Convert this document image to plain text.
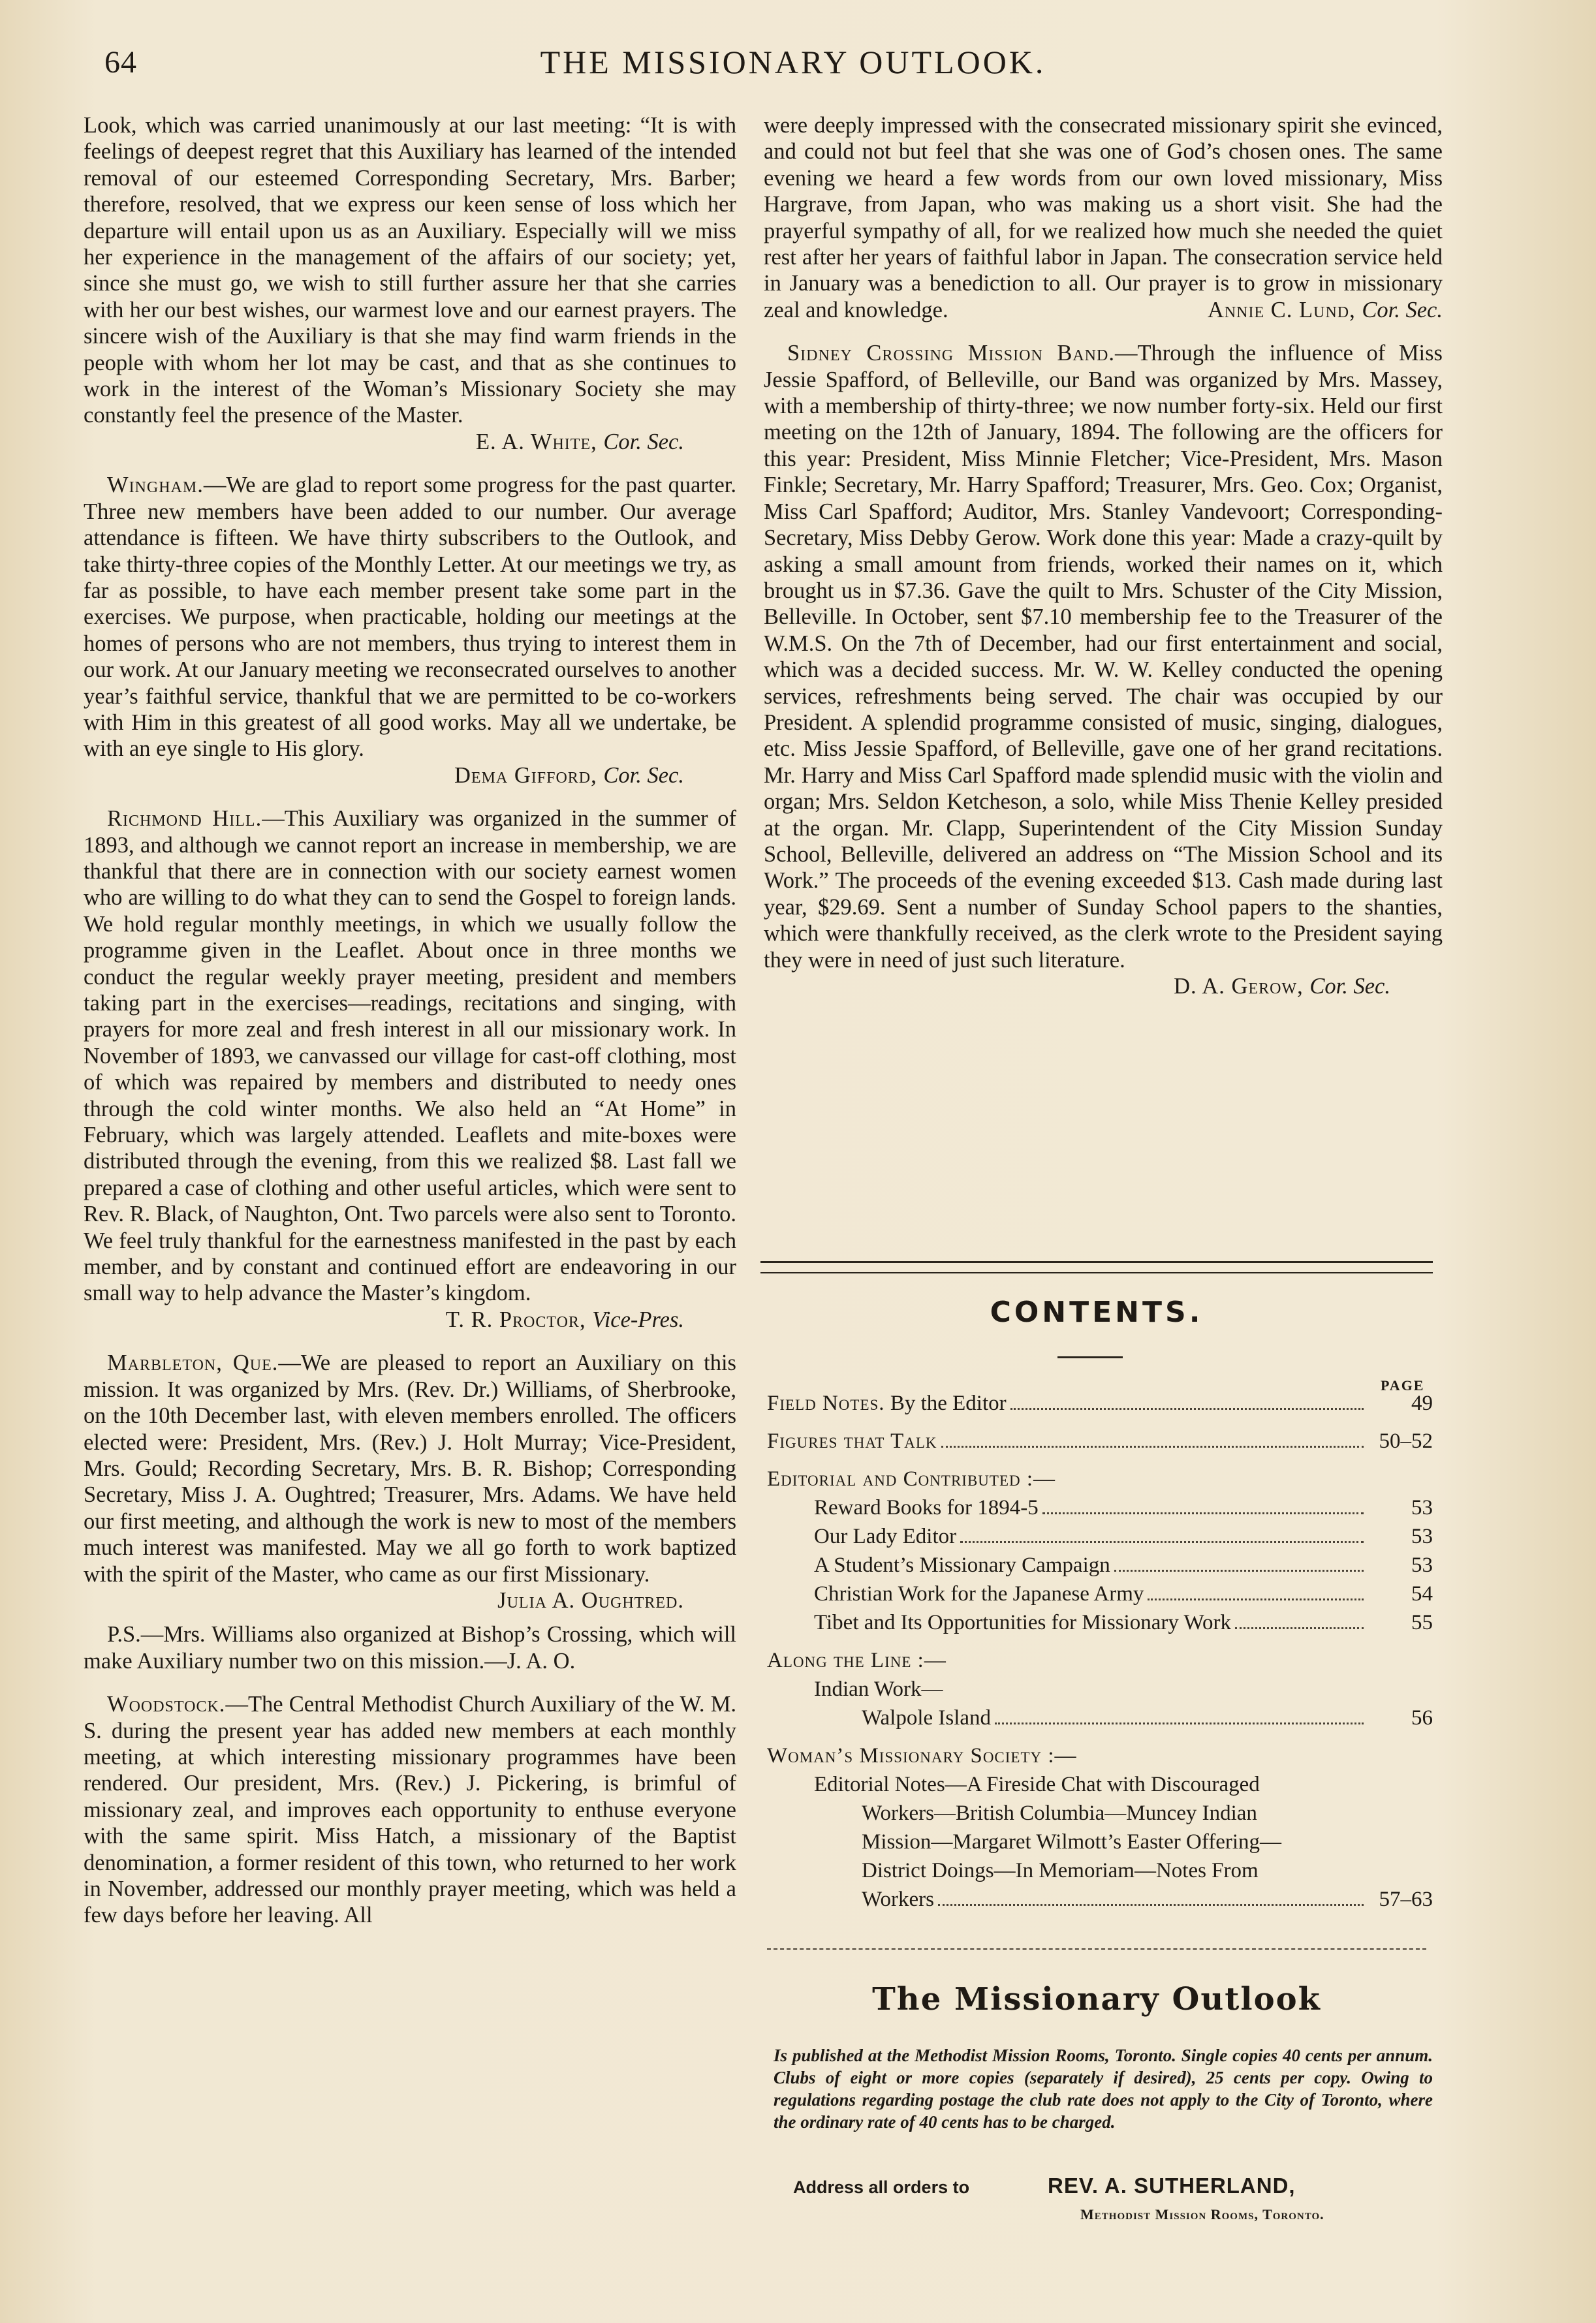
64	THE MISSIONARY OUTLOOK.

Look, which was carried unanimously at our last meeting: “It is with feelings of deepest regret that this Auxiliary has learned of the intended removal of our esteemed Corresponding Secretary, Mrs. Barber; therefore, resolved, that we express our keen sense of loss which her departure will entail upon us as an Auxiliary. Especially will we miss her experience in the management of the affairs of our society; yet, since she must go, we wish to still further assure her that she carries with her our best wishes, our warmest love and our earnest prayers. The sincere wish of the Auxiliary is that she may find warm friends in the people with whom her lot may be cast, and that as she continues to work in the interest of the Woman’s Missionary Society she may constantly feel the presence of the Master.

E. A. White, Cor. Sec.

Wingham.—We are glad to report some progress for the past quarter. Three new members have been added to our number. Our average attendance is fifteen. We have thirty subscribers to the Outlook, and take thirty-three copies of the Monthly Letter. At our meetings we try, as far as possible, to have each member present take some part in the exercises. We purpose, when practicable, holding our meetings at the homes of persons who are not members, thus trying to interest them in our work. At our January meeting we reconsecrated ourselves to another year’s faithful service, thankful that we are permitted to be co-workers with Him in this greatest of all good works. May all we undertake, be with an eye single to His glory.

Dema Gifford, Cor. Sec.

Richmond Hill.—This Auxiliary was organized in the summer of 1893, and although we cannot report an increase in membership, we are thankful that there are in connection with our society earnest women who are willing to do what they can to send the Gospel to foreign lands. We hold regular monthly meetings, in which we usually follow the programme given in the Leaflet. About once in three months we conduct the regular weekly prayer meeting, president and members taking part in the exercises—readings, recitations and singing, with prayers for more zeal and fresh interest in all our missionary work. In November of 1893, we canvassed our village for cast-off clothing, most of which was repaired by members and distributed to needy ones through the cold winter months. We also held an “At Home” in February, which was largely attended. Leaflets and mite-boxes were distributed through the evening, from this we realized $8. Last fall we prepared a case of clothing and other useful articles, which were sent to Rev. R. Black, of Naughton, Ont. Two parcels were also sent to Toronto. We feel truly thankful for the earnestness manifested in the past by each member, and by constant and continued effort are endeavoring in our small way to help advance the Master’s kingdom.

T. R. Proctor, Vice-Pres.

Marbleton, Que.—We are pleased to report an Auxiliary on this mission. It was organized by Mrs. (Rev. Dr.) Williams, of Sherbrooke, on the 10th December last, with eleven members enrolled. The officers elected were: President, Mrs. (Rev.) J. Holt Murray; Vice-President, Mrs. Gould; Recording Secretary, Mrs. B. R. Bishop; Corresponding Secretary, Miss J. A. Oughtred; Treasurer, Mrs. Adams. We have held our first meeting, and although the work is new to most of the members much interest was manifested. May we all go forth to work baptized with the spirit of the Master, who came as our first Missionary.

Julia A. Oughtred.

P.S.—Mrs. Williams also organized at Bishop’s Crossing, which will make Auxiliary number two on this mission.—J. A. O.

Woodstock.—The Central Methodist Church Auxiliary of the W. M. S. during the present year has added new members at each monthly meeting, at which interesting missionary programmes have been rendered. Our president, Mrs. (Rev.) J. Pickering, is brimful of missionary zeal, and improves each opportunity to enthuse everyone with the same spirit. Miss Hatch, a missionary of the Baptist denomination, a former resident of this town, who returned to her work in November, addressed our monthly prayer meeting, which was held a few days before her leaving. All

were deeply impressed with the consecrated missionary spirit she evinced, and could not but feel that she was one of God’s chosen ones. The same evening we heard a few words from our own loved missionary, Miss Hargrave, from Japan, who was making us a short visit. She had the prayerful sympathy of all, for we realized how much she needed the quiet rest after her years of faithful labor in Japan. The consecration service held in January was a benediction to all. Our prayer is to grow in missionary zeal and knowledge.	Annie C. Lund, Cor. Sec.

Sidney Crossing Mission Band.—Through the influence of Miss Jessie Spafford, of Belleville, our Band was organized by Mrs. Massey, with a membership of thirty-three; we now number forty-six. Held our first meeting on the 12th of January, 1894. The following are the officers for this year: President, Miss Minnie Fletcher; Vice-President, Mrs. Mason Finkle; Secretary, Mr. Harry Spafford; Treasurer, Mrs. Geo. Cox; Organist, Miss Carl Spafford; Auditor, Mrs. Stanley Vandevoort; Corresponding-Secretary, Miss Debby Gerow. Work done this year: Made a crazy-quilt by asking a small amount from friends, worked their names on it, which brought us in $7.36. Gave the quilt to Mrs. Schuster of the City Mission, Belleville. In October, sent $7.10 membership fee to the Treasurer of the W.M.S. On the 7th of December, had our first entertainment and social, which was a decided success. Mr. W. W. Kelley conducted the opening services, refreshments being served. The chair was occupied by our President. A splendid programme consisted of music, singing, dialogues, etc. Miss Jessie Spafford, of Belleville, gave one of her grand recitations. Mr. Harry and Miss Carl Spafford made splendid music with the violin and organ; Mrs. Seldon Ketcheson, a solo, while Miss Thenie Kelley presided at the organ. Mr. Clapp, Superintendent of the City Mission Sunday School, Belleville, delivered an address on “The Mission School and its Work.” The proceeds of the evening exceeded $13. Cash made during last year, $29.69. Sent a number of Sunday School papers to the shanties, which were thankfully received, as the clerk wrote to the President saying they were in need of just such literature.

D. A. Gerow, Cor. Sec.
CONTENTS.
PAGE
Field Notes. By the Editor	49
Figures that Talk	50–52
Editorial and Contributed :—
Reward Books for 1894-5	53
Our Lady Editor	53
A Student’s Missionary Campaign	53
Christian Work for the Japanese Army	54
Tibet and Its Opportunities for Missionary Work	55
Along the Line :—
Indian Work—
Walpole Island	56
Woman’s Missionary Society :—
Editorial Notes—A Fireside Chat with Discouraged
Workers—British Columbia—Muncey Indian
Mission—Margaret Wilmott’s Easter Offering—
District Doings—In Memoriam—Notes From
Workers	57–63
The Missionary Outlook
Is published at the Methodist Mission Rooms, Toronto. Single copies 40 cents per annum. Clubs of eight or more copies (separately if desired), 25 cents per copy. Owing to regulations regarding postage the club rate does not apply to the City of Toronto, where the ordinary rate of 40 cents has to be charged.
Address all orders to	REV. A. SUTHERLAND,
Methodist Mission Rooms, Toronto.
